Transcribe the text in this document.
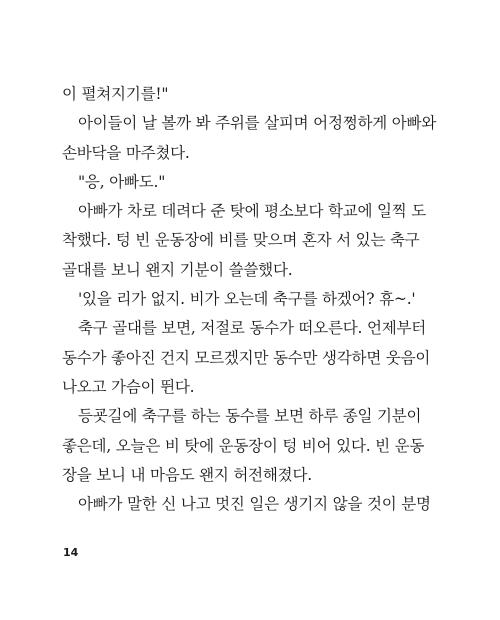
이 펼쳐지기를!"
아이들이 날 볼까 봐 주위를 살피며 어정쩡하게 아빠와
손바닥을 마주쳤다.
"응, 아빠도."
아빠가 차로 데려다 준 탓에 평소보다 학교에 일찍 도
착했다. 텅 빈 운동장에 비를 맞으며 혼자 서 있는 축구
골대를 보니 왠지 기분이 쓸쓸했다.
'있을 리가 없지. 비가 오는데 축구를 하겠어? 휴~.'
축구 골대를 보면, 저절로 동수가 떠오른다. 언제부터
동수가 좋아진 건지 모르겠지만 동수만 생각하면 웃음이
나오고 가슴이 뛴다.
등굣길에 축구를 하는 동수를 보면 하루 종일 기분이
좋은데, 오늘은 비 탓에 운동장이 텅 비어 있다. 빈 운동
장을 보니 내 마음도 왠지 허전해졌다.
아빠가 말한 신 나고 멋진 일은 생기지 않을 것이 분명
14
